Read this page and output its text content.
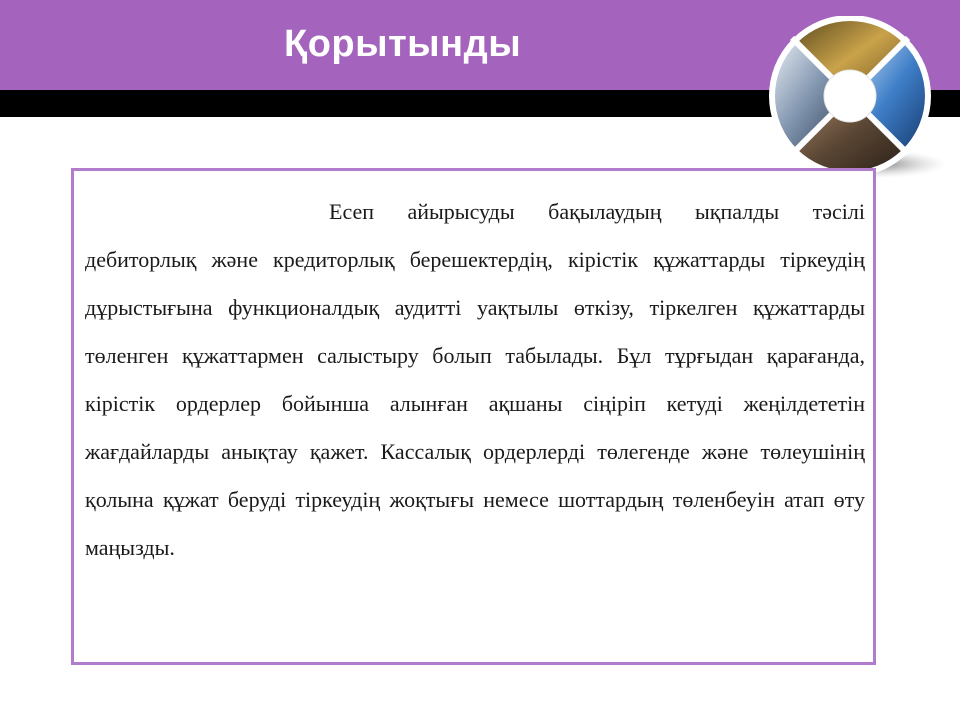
Қорытынды

Есеп айырысуды бақылаудың ықпалды тәсілі дебиторлық және кредиторлық берешектердің, кірістік құжаттарды тіркеудің дұрыстығына функционалдық аудитті уақтылы өткізу, тіркелген құжаттарды төленген құжаттармен салыстыру болып табылады. Бұл тұрғыдан қарағанда, кірістік ордерлер бойынша алынған ақшаны сіңіріп кетуді жеңілдететін жағдайларды анықтау қажет. Кассалық ордерлерді төлегенде және төлеушінің қолына құжат беруді тіркеудің жоқтығы немесе шоттардың төленбеуін атап өту маңызды.
